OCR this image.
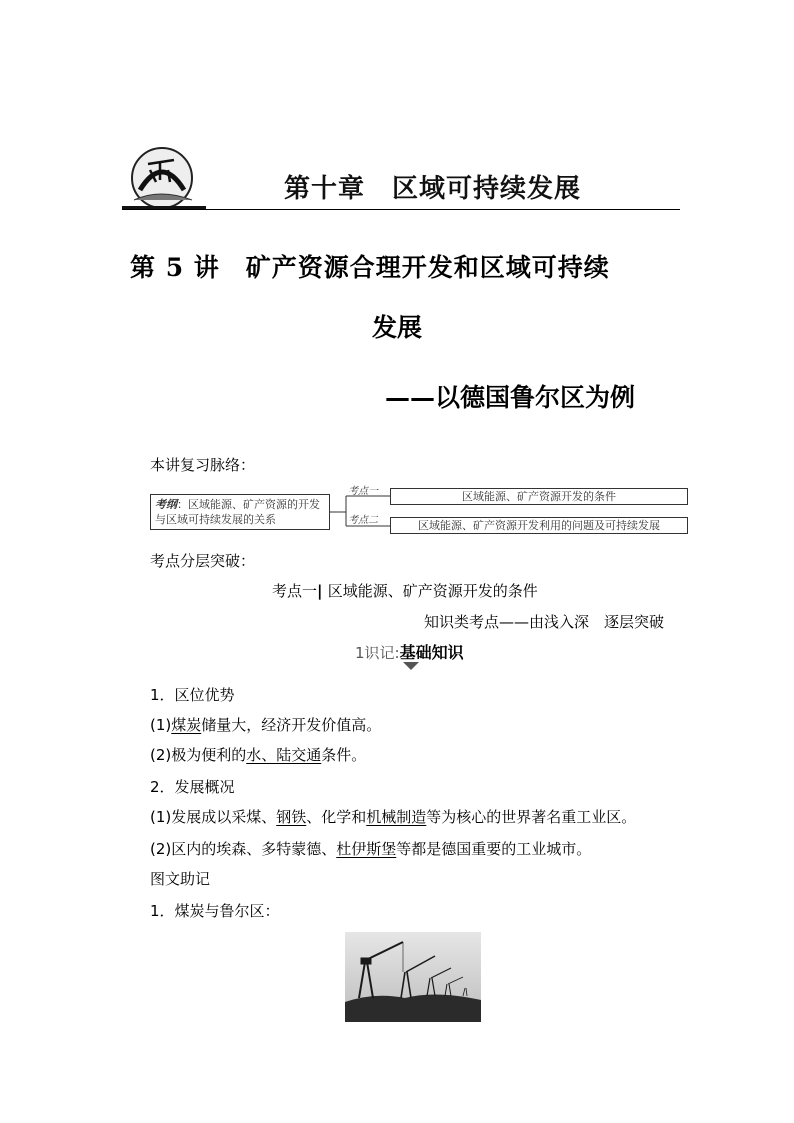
第十章　区域可持续发展
第 5 讲　矿产资源合理开发和区域可持续
发展
——以德国鲁尔区为例
本讲复习脉络：
考纲：区域能源、矿产资源的开发
与区域可持续发展的关系
考点一
考点二
区域能源、矿产资源开发的条件
区域能源、矿产资源开发利用的问题及可持续发展
考点分层突破：
考点一| 区域能源、矿产资源开发的条件
知识类考点——由浅入深　逐层突破
1识记:基础知识
1．区位优势
(1)煤炭储量大，经济开发价值高。
(2)极为便利的水、陆交通条件。
2．发展概况
(1)发展成以采煤、钢铁、化学和机械制造等为核心的世界著名重工业区。
(2)区内的埃森、多特蒙德、杜伊斯堡等都是德国重要的工业城市。
图文助记
1．煤炭与鲁尔区：
